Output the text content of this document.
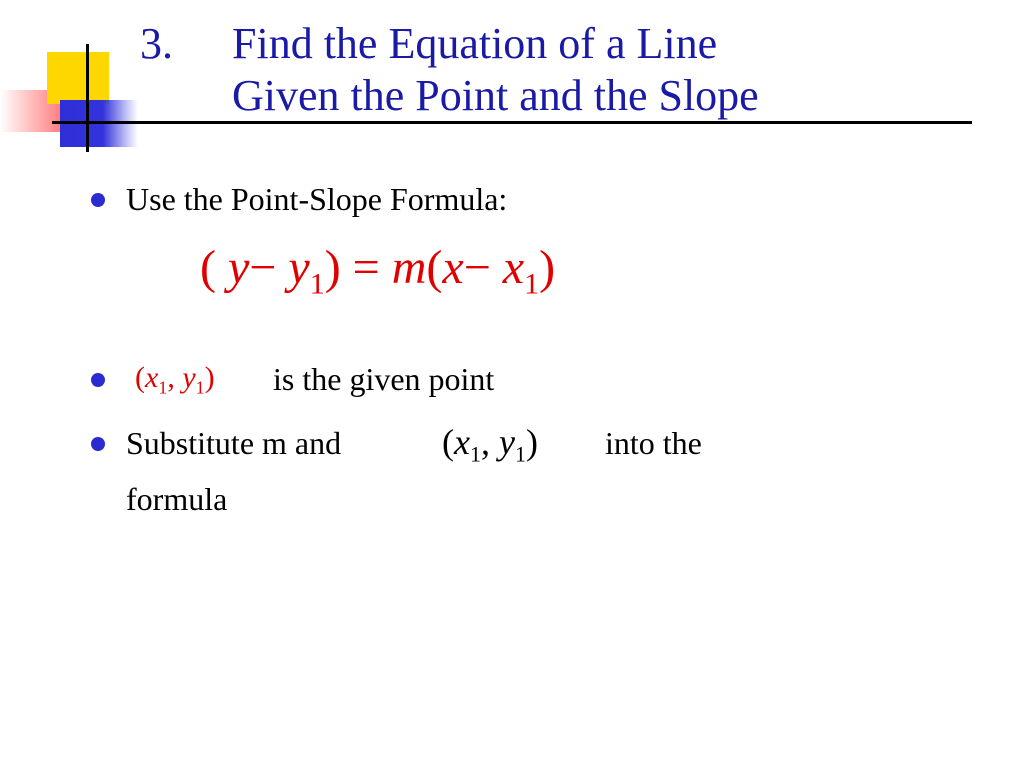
3. Find the Equation of a Line
Given the Point and the Slope
Use the Point-Slope Formula:
( $y- y_1) = m(x- x_1)$
($x_1$, $y_1$) is the given point
Substitute m and	($x_1$, $y_1$) into the
formula
